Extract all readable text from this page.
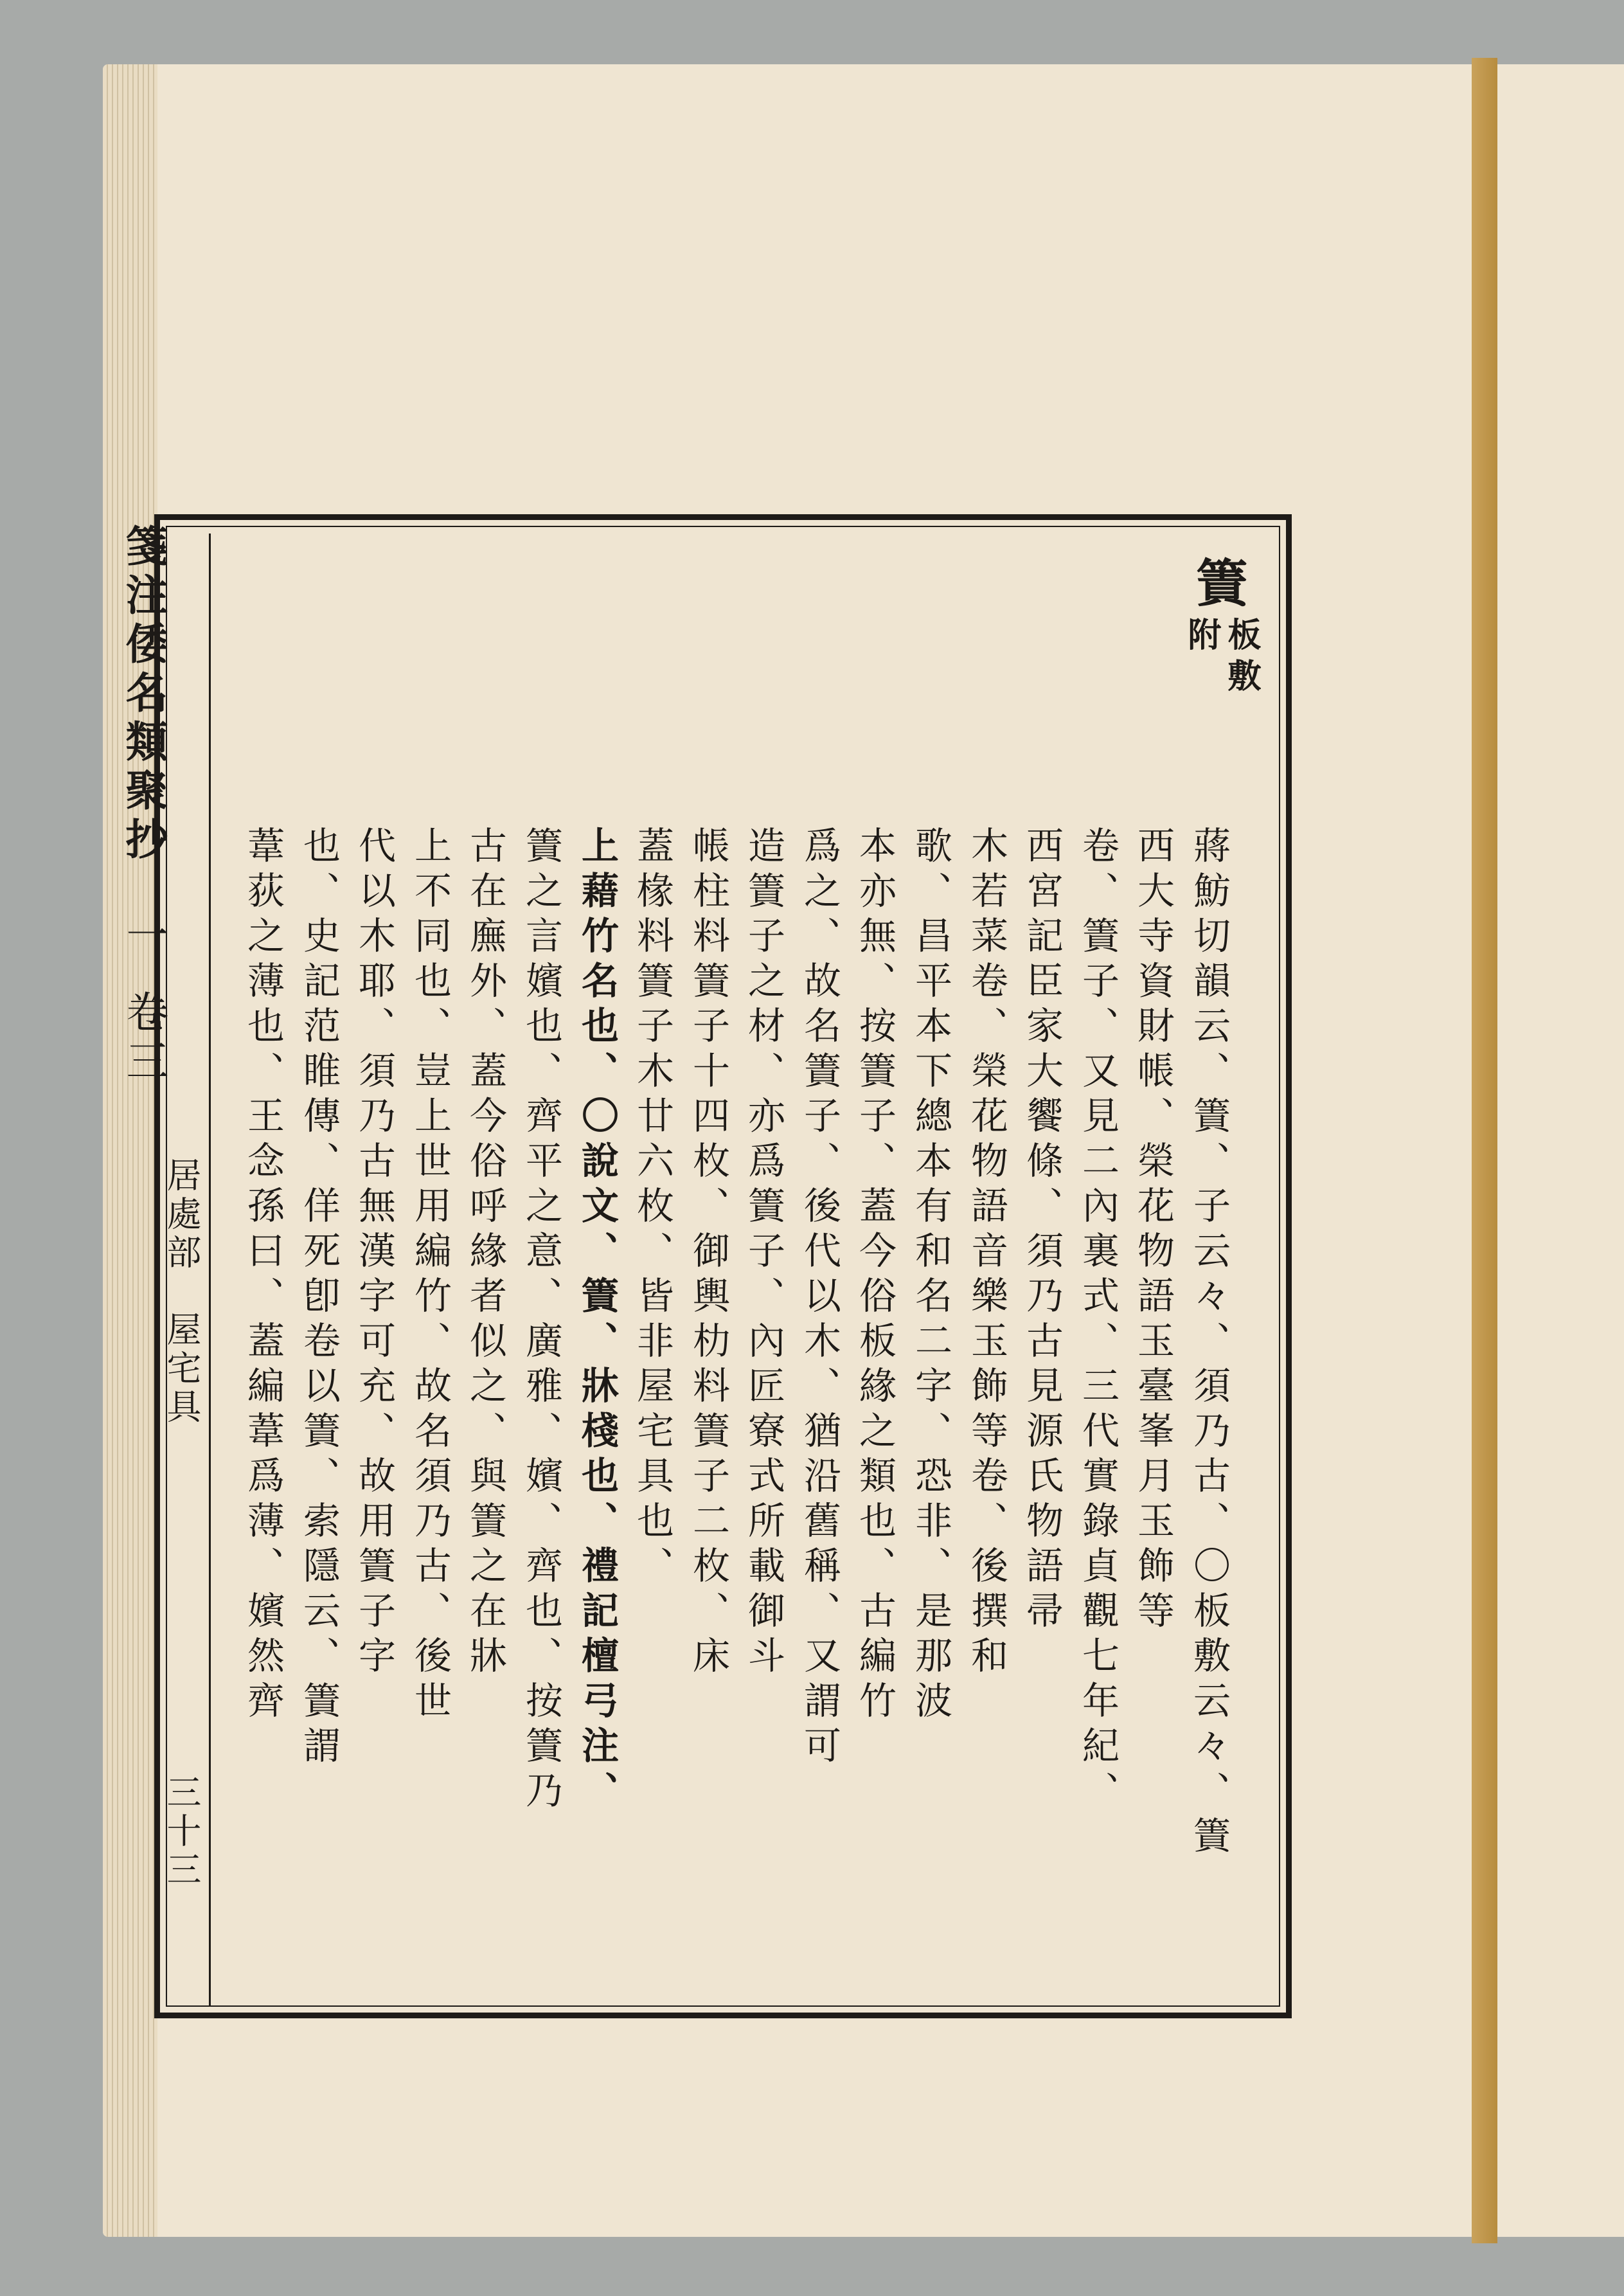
簀
板敷
附
蔣魴切韻云、簀、子云々、須乃古、〇板敷云々、簀
西大寺資財帳、榮花物語玉臺峯月玉飾等
卷、簀子、又見二內裏式、三代實錄貞觀七年紀、
西宮記臣家大饗條、須乃古見源氏物語帚
木若菜卷、榮花物語音樂玉飾等卷、後撰和
歌、昌平本下總本有和名二字、恐非、是那波
本亦無、按簀子、蓋今俗板緣之類也、古編竹
爲之、故名簀子、後代以木、猶沿舊稱、又謂可
造簀子之材、亦爲簀子、內匠寮式所載御斗
帳柱料簀子十四枚、御輿朸料簀子二枚、床
蓋椽料簀子木廿六枚、皆非屋宅具也、
上藉竹名也、〇說文、簀、牀棧也、禮記檀弓注、
簀之言嬪也、齊平之意、廣雅、嬪、齊也、按簀乃
古在廡外、蓋今俗呼緣者似之、與簀之在牀
上不同也、豈上世用編竹、故名須乃古、後世
代以木耶、須乃古無漢字可充、故用簀子字
也、史記范睢傳、佯死卽卷以簀、索隱云、簀謂
葦荻之薄也、王念孫曰、蓋編葦爲薄、嬪然齊
箋注倭名類聚抄
一
卷三
居處部　屋宅具
三十三
